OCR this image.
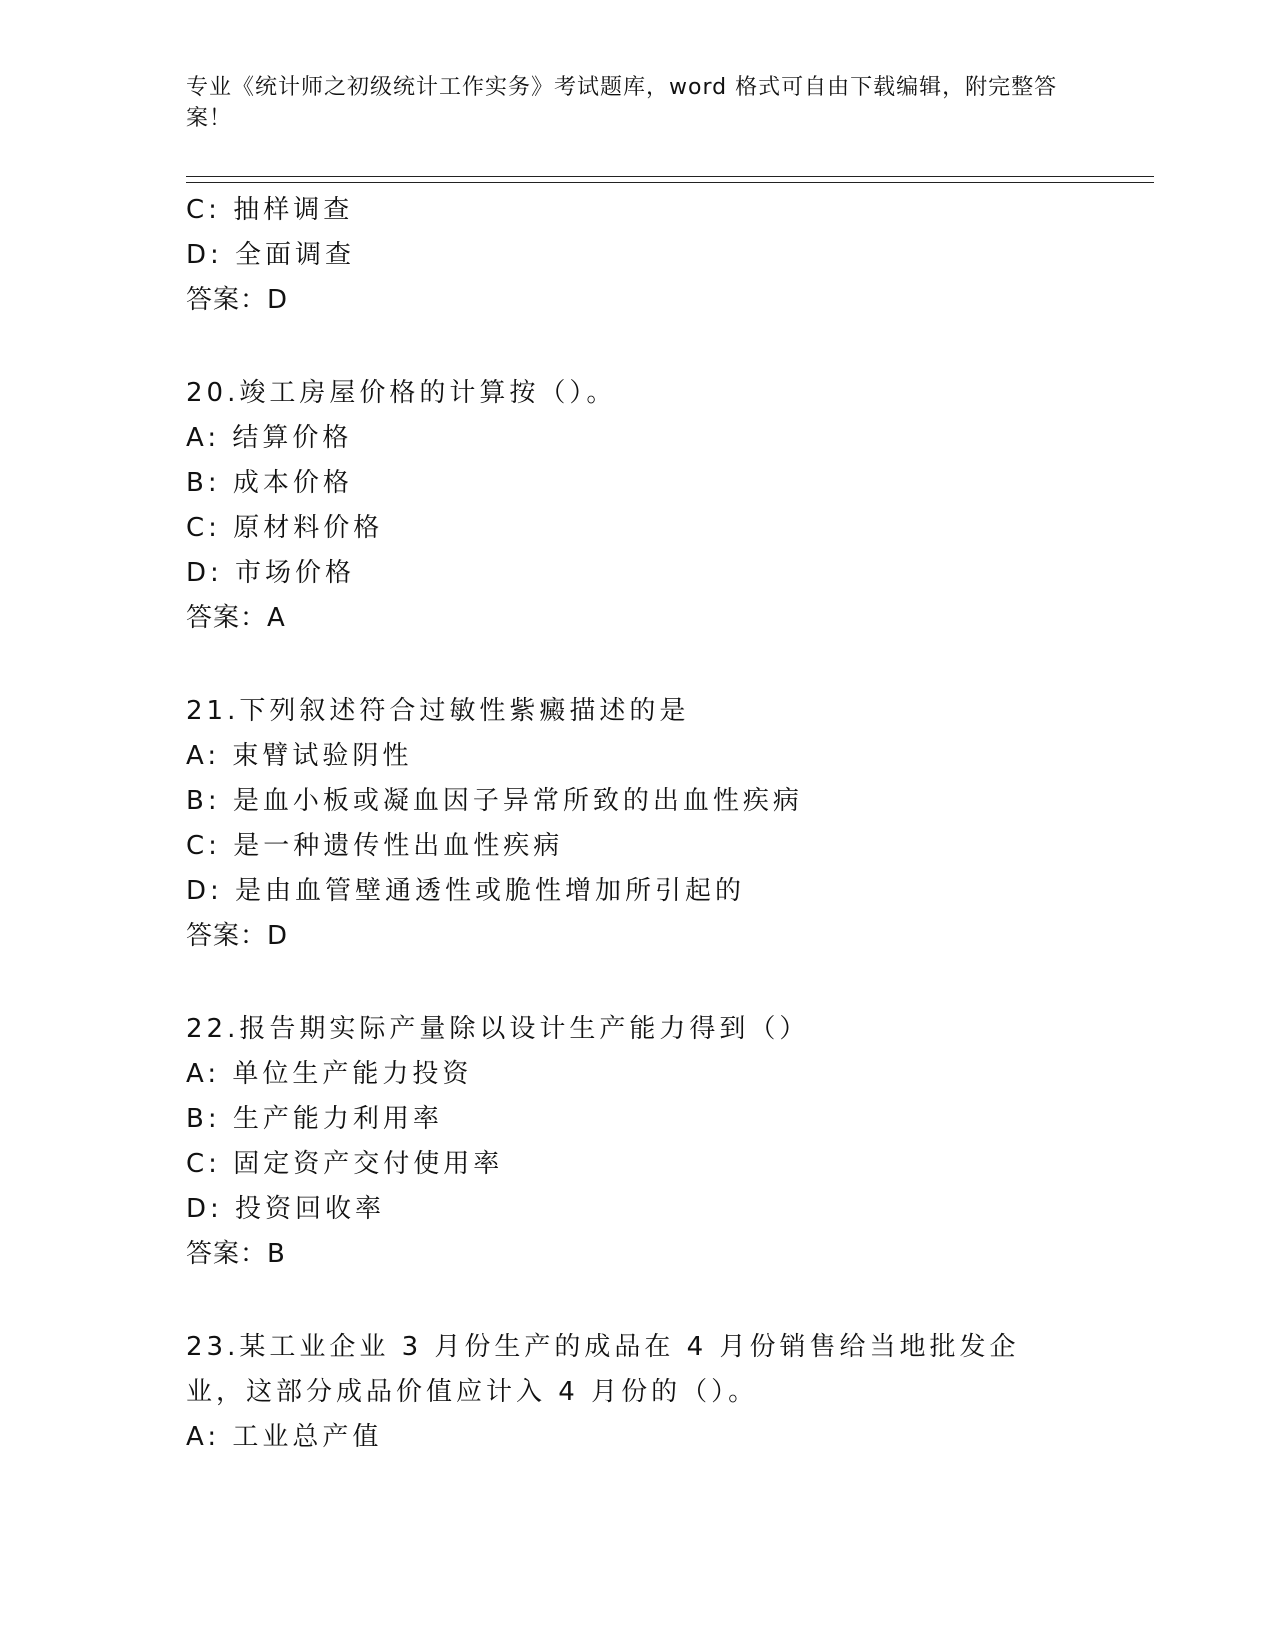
专业《统计师之初级统计工作实务》考试题库，word 格式可自由下载编辑，附完整答案！
C: 抽样调查
D: 全面调查
答案：D
20.竣工房屋价格的计算按（）。
A: 结算价格
B: 成本价格
C: 原材料价格
D: 市场价格
答案：A
21.下列叙述符合过敏性紫癜描述的是
A: 束臂试验阴性
B: 是血小板或凝血因子异常所致的出血性疾病
C: 是一种遗传性出血性疾病
D: 是由血管壁通透性或脆性增加所引起的
答案：D
22.报告期实际产量除以设计生产能力得到（）
A: 单位生产能力投资
B: 生产能力利用率
C: 固定资产交付使用率
D: 投资回收率
答案：B
23.某工业企业 3 月份生产的成品在 4 月份销售给当地批发企业，这部分成品价值应计入 4 月份的（）。
A: 工业总产值
